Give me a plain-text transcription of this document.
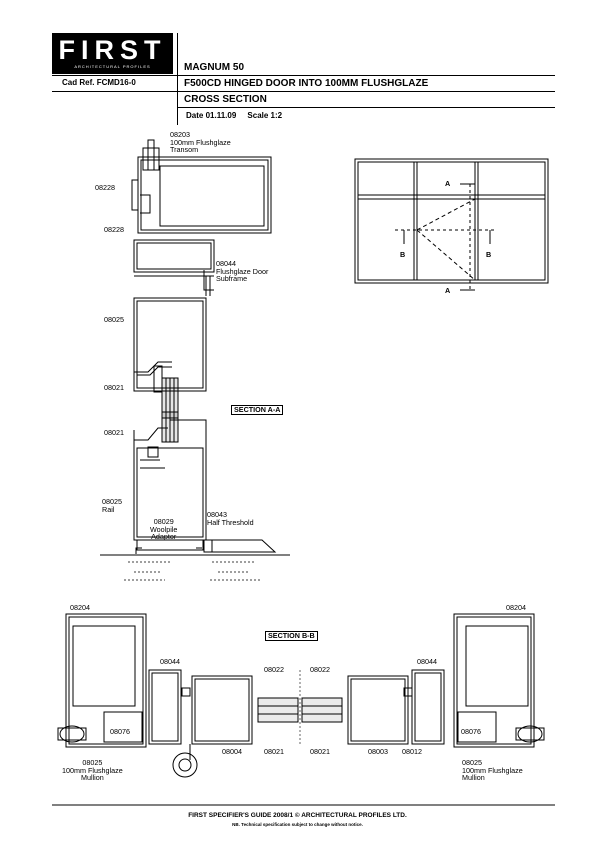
FIRST
ARCHITECTURAL PROFILES
Cad Ref. FCMD16-0
MAGNUM 50
F500CD HINGED DOOR INTO 100MM FLUSHGLAZE
CROSS SECTION
Date 01.11.09 Scale 1:2
08203
100mm Flushglaze
Transom
08228
08228
08044
Flushglaze Door
Subframe
08025
08021
SECTION A-A
08021
08025
Rail
08029
Woolpile
Adaptor
08043
Half Threshold
A
A
B	B
08204	08204
SECTION B-B
08044	08044
08022	08022
08076	08076
08004	08021	08021	08003 08012
08025
100mm Flushglaze
Mullion
08025
100mm Flushglaze
Mullion
FIRST SPECIFIER'S GUIDE 2008/1 © ARCHITECTURAL PROFILES LTD.
NB. Technical specification subject to change without notice.
